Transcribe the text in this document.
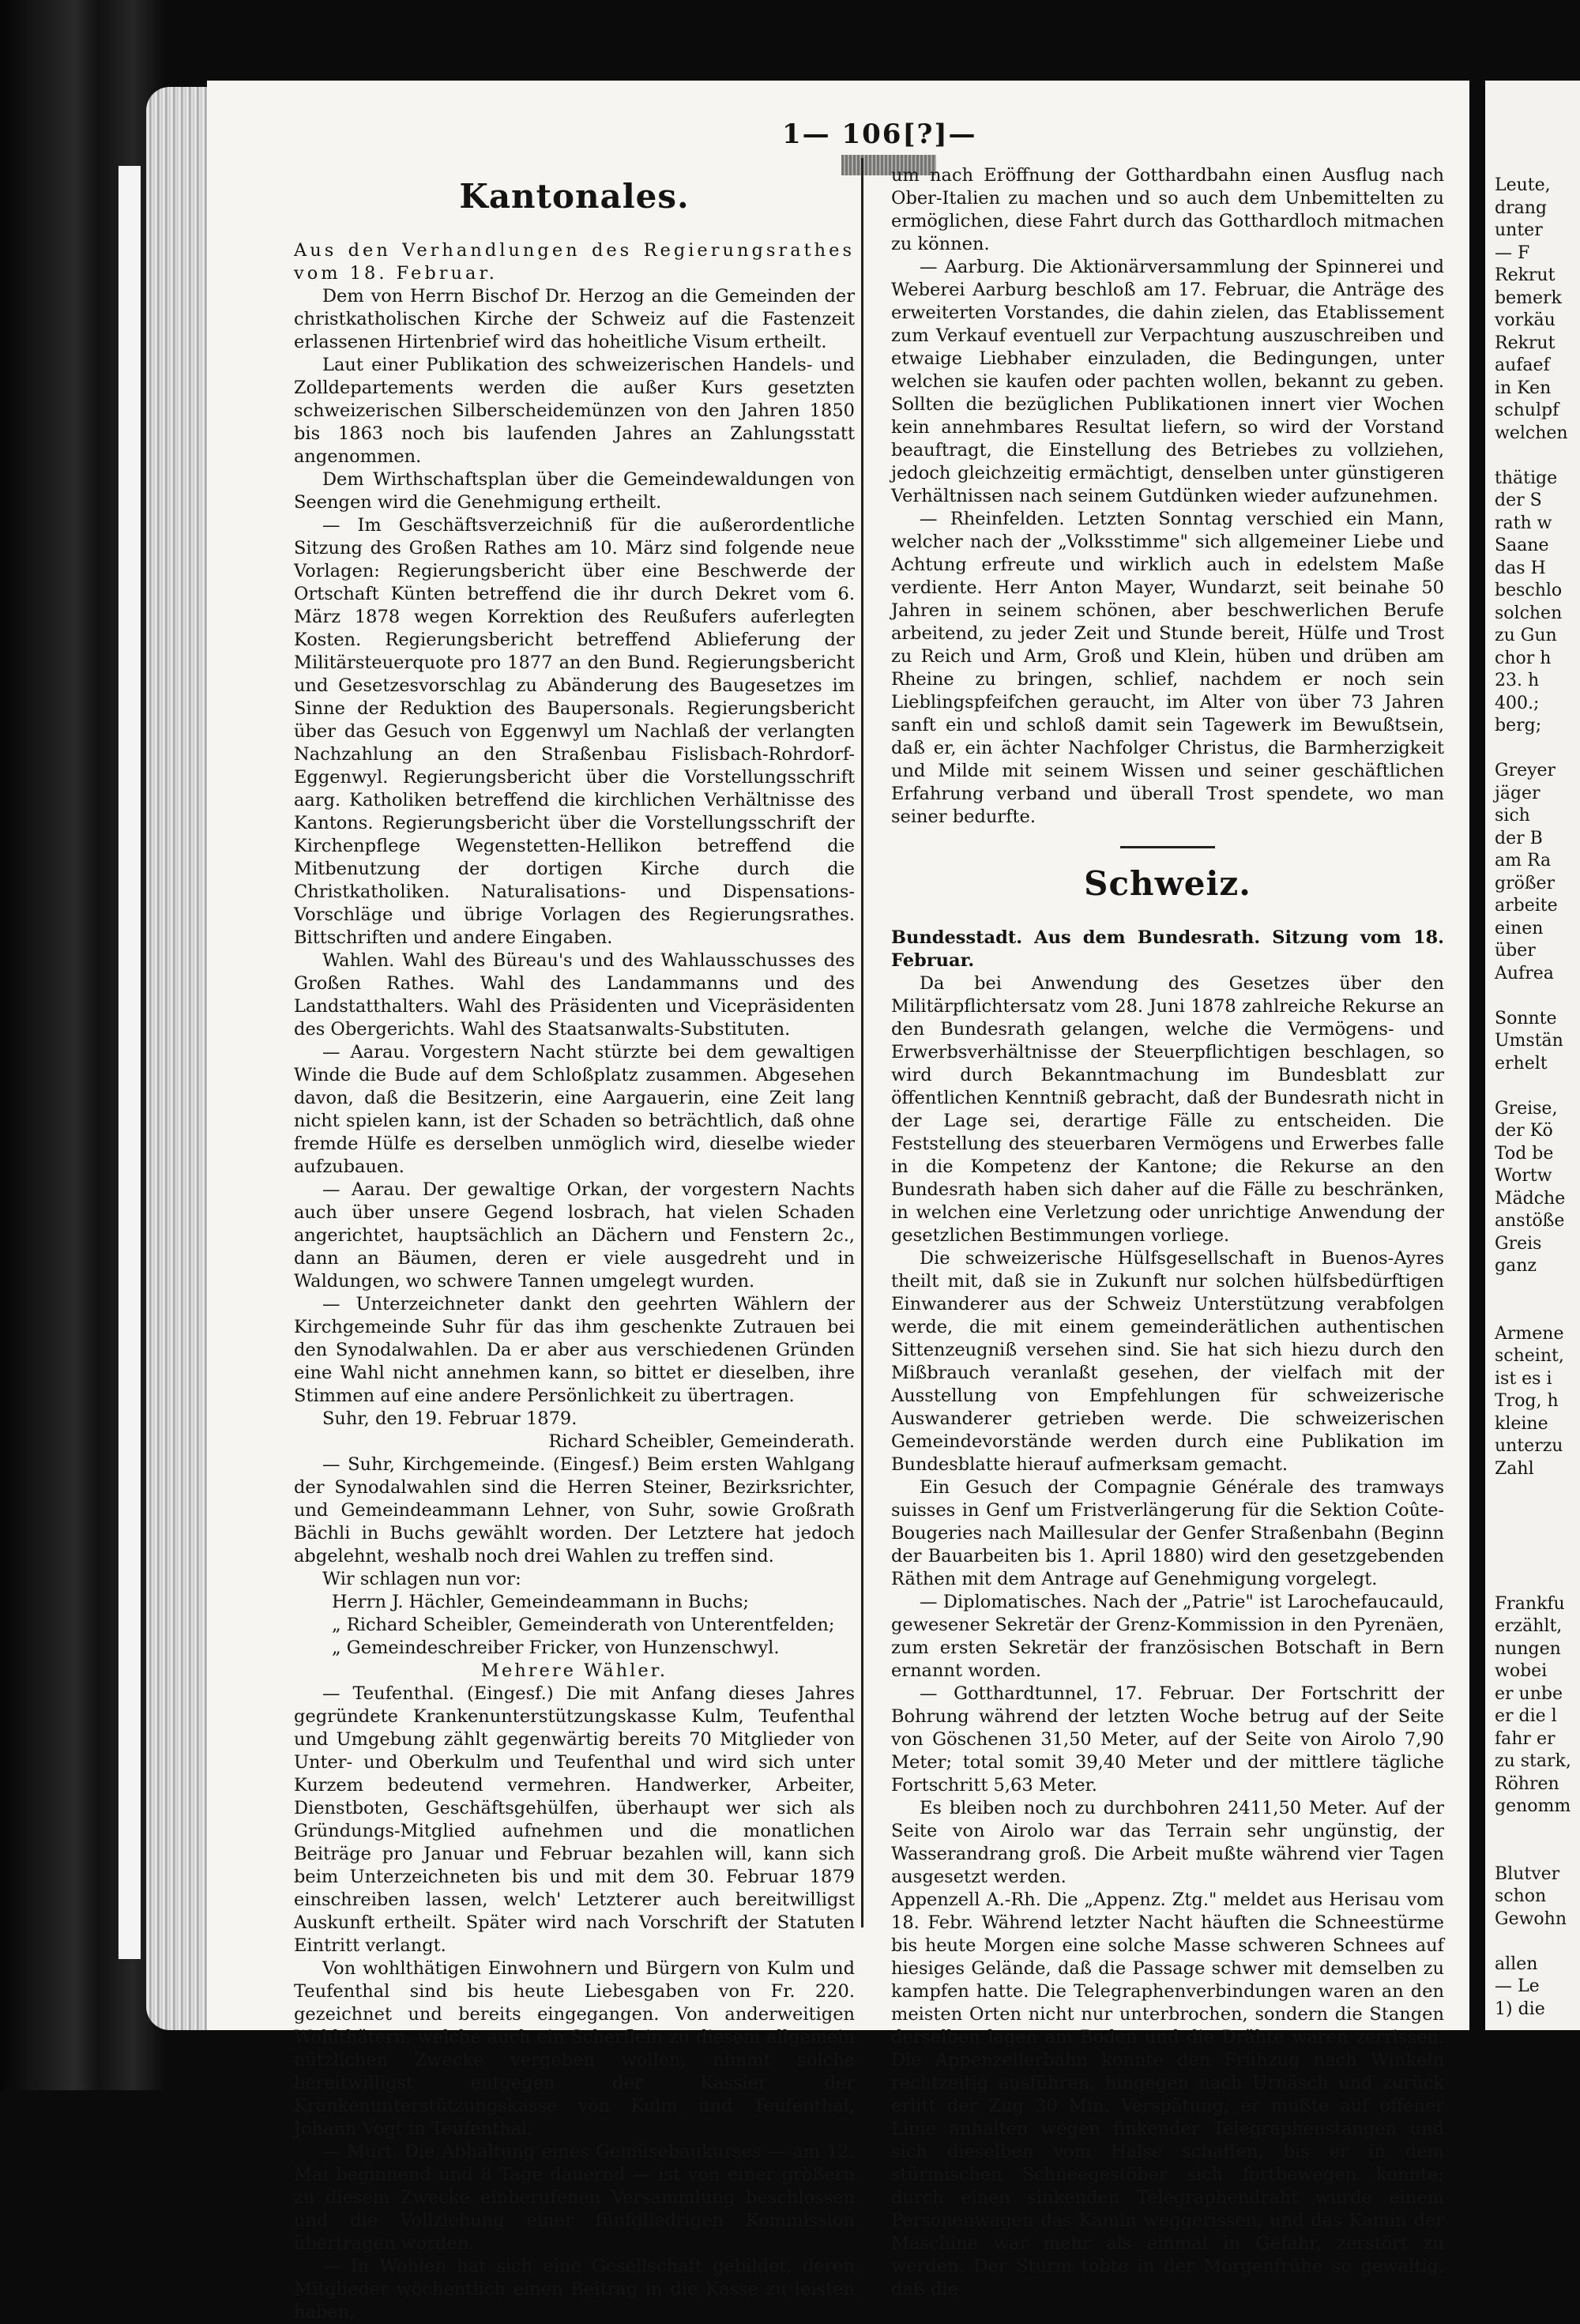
1— 106[?]—
Kantonales.

Aus den Verhandlungen des Regierungsrathes vom 18. Februar.

Dem von Herrn Bischof Dr. Herzog an die Gemeinden der christkatholischen Kirche der Schweiz auf die Fastenzeit erlassenen Hirtenbrief wird das hoheitliche Visum ertheilt.

Laut einer Publikation des schweizerischen Handels- und Zolldepartements werden die außer Kurs gesetzten schweizerischen Silberscheidemünzen von den Jahren 1850 bis 1863 noch bis laufenden Jahres an Zahlungsstatt angenommen.

Dem Wirthschaftsplan über die Gemeindewaldungen von Seengen wird die Genehmigung ertheilt.

— Im Geschäftsverzeichniß für die außerordentliche Sitzung des Großen Rathes am 10. März sind folgende neue Vorlagen: Regierungsbericht über eine Beschwerde der Ortschaft Künten betreffend die ihr durch Dekret vom 6. März 1878 wegen Korrektion des Reußufers auferlegten Kosten. Regierungsbericht betreffend Ablieferung der Militärsteuerquote pro 1877 an den Bund. Regierungsbericht und Gesetzesvorschlag zu Abänderung des Baugesetzes im Sinne der Reduktion des Baupersonals. Regierungsbericht über das Gesuch von Eggenwyl um Nachlaß der verlangten Nachzahlung an den Straßenbau Fislisbach-Rohrdorf-Eggenwyl. Regierungsbericht über die Vorstellungsschrift aarg. Katholiken betreffend die kirchlichen Verhältnisse des Kantons. Regierungsbericht über die Vorstellungsschrift der Kirchenpflege Wegenstetten-Hellikon betreffend die Mitbenutzung der dortigen Kirche durch die Christkatholiken. Naturalisations- und Dispensations-Vorschläge und übrige Vorlagen des Regierungsrathes. Bittschriften und andere Eingaben.

Wahlen. Wahl des Büreau's und des Wahlausschusses des Großen Rathes. Wahl des Landammanns und des Landstatthalters. Wahl des Präsidenten und Vicepräsidenten des Obergerichts. Wahl des Staatsanwalts-Substituten.

— Aarau. Vorgestern Nacht stürzte bei dem gewaltigen Winde die Bude auf dem Schloßplatz zusammen. Abgesehen davon, daß die Besitzerin, eine Aargauerin, eine Zeit lang nicht spielen kann, ist der Schaden so beträchtlich, daß ohne fremde Hülfe es derselben unmöglich wird, dieselbe wieder aufzubauen.

— Aarau. Der gewaltige Orkan, der vorgestern Nachts auch über unsere Gegend losbrach, hat vielen Schaden angerichtet, hauptsächlich an Dächern und Fenstern 2c., dann an Bäumen, deren er viele ausgedreht und in Waldungen, wo schwere Tannen umgelegt wurden.

— Unterzeichneter dankt den geehrten Wählern der Kirchgemeinde Suhr für das ihm geschenkte Zutrauen bei den Synodalwahlen. Da er aber aus verschiedenen Gründen eine Wahl nicht annehmen kann, so bittet er dieselben, ihre Stimmen auf eine andere Persönlichkeit zu übertragen.

Suhr, den 19. Februar 1879.

Richard Scheibler, Gemeinderath.

— Suhr, Kirchgemeinde. (Eingesf.) Beim ersten Wahlgang der Synodalwahlen sind die Herren Steiner, Bezirksrichter, und Gemeindeammann Lehner, von Suhr, sowie Großrath Bächli in Buchs gewählt worden. Der Letztere hat jedoch abgelehnt, weshalb noch drei Wahlen zu treffen sind.

Wir schlagen nun vor:

Herrn J. Hächler, Gemeindeammann in Buchs;

„ Richard Scheibler, Gemeinderath von Unterentfelden;

„ Gemeindeschreiber Fricker, von Hunzenschwyl.

Mehrere Wähler.

— Teufenthal. (Eingesf.) Die mit Anfang dieses Jahres gegründete Krankenunterstützungskasse Kulm, Teufenthal und Umgebung zählt gegenwärtig bereits 70 Mitglieder von Unter- und Oberkulm und Teufenthal und wird sich unter Kurzem bedeutend vermehren. Handwerker, Arbeiter, Dienstboten, Geschäftsgehülfen, überhaupt wer sich als Gründungs-Mitglied aufnehmen und die monatlichen Beiträge pro Januar und Februar bezahlen will, kann sich beim Unterzeichneten bis und mit dem 30. Februar 1879 einschreiben lassen, welch' Letzterer auch bereitwilligst Auskunft ertheilt. Später wird nach Vorschrift der Statuten Eintritt verlangt.

Von wohlthätigen Einwohnern und Bürgern von Kulm und Teufenthal sind bis heute Liebesgaben von Fr. 220. gezeichnet und bereits eingegangen. Von anderweitigen Wohlthätern, welche auch ein Scherflein zu diesem allgemein nützlichen Zwecke vergeben wollen, nimmt solche bereitwilligst entgegen der Kassier der Krankenunterstützungskasse von Kulm und Teufenthal, Johann Vogt in Teufenthal.

— Murt. Die Abhaltung eines Gemüsebaukurses — am 12. Mai beginnend und 8 Tage dauernd — ist von einer größern zu diesem Zwecke einberufenen Versammlung beschlossen und die Vollziehung einer fünfgliedrigen Kommission übertragen worden.

— In Wohlen hat sich eine Gesellschaft gebildet, deren Mitglieder wöchentlich einen Beitrag in die Kasse zu leisten haben,

um nach Eröffnung der Gotthardbahn einen Ausflug nach Ober-Italien zu machen und so auch dem Unbemittelten zu ermöglichen, diese Fahrt durch das Gotthardloch mitmachen zu können.

— Aarburg. Die Aktionärversammlung der Spinnerei und Weberei Aarburg beschloß am 17. Februar, die Anträge des erweiterten Vorstandes, die dahin zielen, das Etablissement zum Verkauf eventuell zur Verpachtung auszuschreiben und etwaige Liebhaber einzuladen, die Bedingungen, unter welchen sie kaufen oder pachten wollen, bekannt zu geben. Sollten die bezüglichen Publikationen innert vier Wochen kein annehmbares Resultat liefern, so wird der Vorstand beauftragt, die Einstellung des Betriebes zu vollziehen, jedoch gleichzeitig ermächtigt, denselben unter günstigeren Verhältnissen nach seinem Gutdünken wieder aufzunehmen.

— Rheinfelden. Letzten Sonntag verschied ein Mann, welcher nach der „Volksstimme" sich allgemeiner Liebe und Achtung erfreute und wirklich auch in edelstem Maße verdiente. Herr Anton Mayer, Wundarzt, seit beinahe 50 Jahren in seinem schönen, aber beschwerlichen Berufe arbeitend, zu jeder Zeit und Stunde bereit, Hülfe und Trost zu Reich und Arm, Groß und Klein, hüben und drüben am Rheine zu bringen, schlief, nachdem er noch sein Lieblingspfeifchen geraucht, im Alter von über 73 Jahren sanft ein und schloß damit sein Tagewerk im Bewußtsein, daß er, ein ächter Nachfolger Christus, die Barmherzigkeit und Milde mit seinem Wissen und seiner geschäftlichen Erfahrung verband und überall Trost spendete, wo man seiner bedurfte.

Schweiz.

Bundesstadt. Aus dem Bundesrath. Sitzung vom 18. Februar.

Da bei Anwendung des Gesetzes über den Militärpflichtersatz vom 28. Juni 1878 zahlreiche Rekurse an den Bundesrath gelangen, welche die Vermögens- und Erwerbsverhältnisse der Steuerpflichtigen beschlagen, so wird durch Bekanntmachung im Bundesblatt zur öffentlichen Kenntniß gebracht, daß der Bundesrath nicht in der Lage sei, derartige Fälle zu entscheiden. Die Feststellung des steuerbaren Vermögens und Erwerbes falle in die Kompetenz der Kantone; die Rekurse an den Bundesrath haben sich daher auf die Fälle zu beschränken, in welchen eine Verletzung oder unrichtige Anwendung der gesetzlichen Bestimmungen vorliege.

Die schweizerische Hülfsgesellschaft in Buenos-Ayres theilt mit, daß sie in Zukunft nur solchen hülfsbedürftigen Einwanderer aus der Schweiz Unterstützung verabfolgen werde, die mit einem gemeinderätlichen authentischen Sittenzeugniß versehen sind. Sie hat sich hiezu durch den Mißbrauch veranlaßt gesehen, der vielfach mit der Ausstellung von Empfehlungen für schweizerische Auswanderer getrieben werde. Die schweizerischen Gemeindevorstände werden durch eine Publikation im Bundesblatte hierauf aufmerksam gemacht.

Ein Gesuch der Compagnie Générale des tramways suisses in Genf um Fristverlängerung für die Sektion Coûte-Bougeries nach Maillesular der Genfer Straßenbahn (Beginn der Bauarbeiten bis 1. April 1880) wird den gesetzgebenden Räthen mit dem Antrage auf Genehmigung vorgelegt.

— Diplomatisches. Nach der „Patrie" ist Larochefaucauld, gewesener Sekretär der Grenz-Kommission in den Pyrenäen, zum ersten Sekretär der französischen Botschaft in Bern ernannt worden.

— Gotthardtunnel, 17. Februar. Der Fortschritt der Bohrung während der letzten Woche betrug auf der Seite von Göschenen 31,50 Meter, auf der Seite von Airolo 7,90 Meter; total somit 39,40 Meter und der mittlere tägliche Fortschritt 5,63 Meter.

Es bleiben noch zu durchbohren 2411,50 Meter. Auf der Seite von Airolo war das Terrain sehr ungünstig, der Wasserandrang groß. Die Arbeit mußte während vier Tagen ausgesetzt werden.

Appenzell A.-Rh. Die „Appenz. Ztg." meldet aus Herisau vom 18. Febr. Während letzter Nacht häuften die Schneestürme bis heute Morgen eine solche Masse schweren Schnees auf hiesiges Gelände, daß die Passage schwer mit demselben zu kampfen hatte. Die Telegraphenverbindungen waren an den meisten Orten nicht nur unterbrochen, sondern die Stangen derselben lagen am Boden und die Drähte waren zerrissen. Die Appenzellerbahn konnte den Frühzug nach Winkeln rechtzeitig ausführen, hingegen nach Urnäsch und zurück erlitt der Zug 30 Min. Verspätung; er mußte auf offener Linie anhalten wegen finkender Telegraphenstangen und sich dieselben vom Halse schaffen, bis er in dem stürmischen Schneegestöber sich fortbewegen konnte; durch einen sinkenden Telegraphendraht wurde einem Personenwagen das Kamin weggerissen, und das Kamin der Maschine war mehr als einmal in Gefahr, zerstört zu werden. Der Sturm tobte in der Morgenfrühe so gewaltig, daß die

Leute,
drang
unter
— F
Rekrut
bemerk
vorkäu
Rekrut
aufaef
in Ken
schulpf
welchen
thätige
der S
rath w
Saane
das H
beschlo
solchen
zu Gun
chor h
23. h
400.;
berg;
Greyer
jäger
sich
der B
am Ra
größer
arbeite
einen
über
Aufrea
Sonnte
Umstän
erhelt
Greise,
der Kö
Tod be
Wortw
Mädche
anstöße
Greis
ganz
Armene
scheint,
ist es i
Trog, h
kleine
unterzu
Zahl
Frankfu
erzählt,
nungen
wobei
er unbe
er die l
fahr er
zu stark,
Röhren
genomm
Blutver
schon
Gewohn
allen
— Le
1) die
